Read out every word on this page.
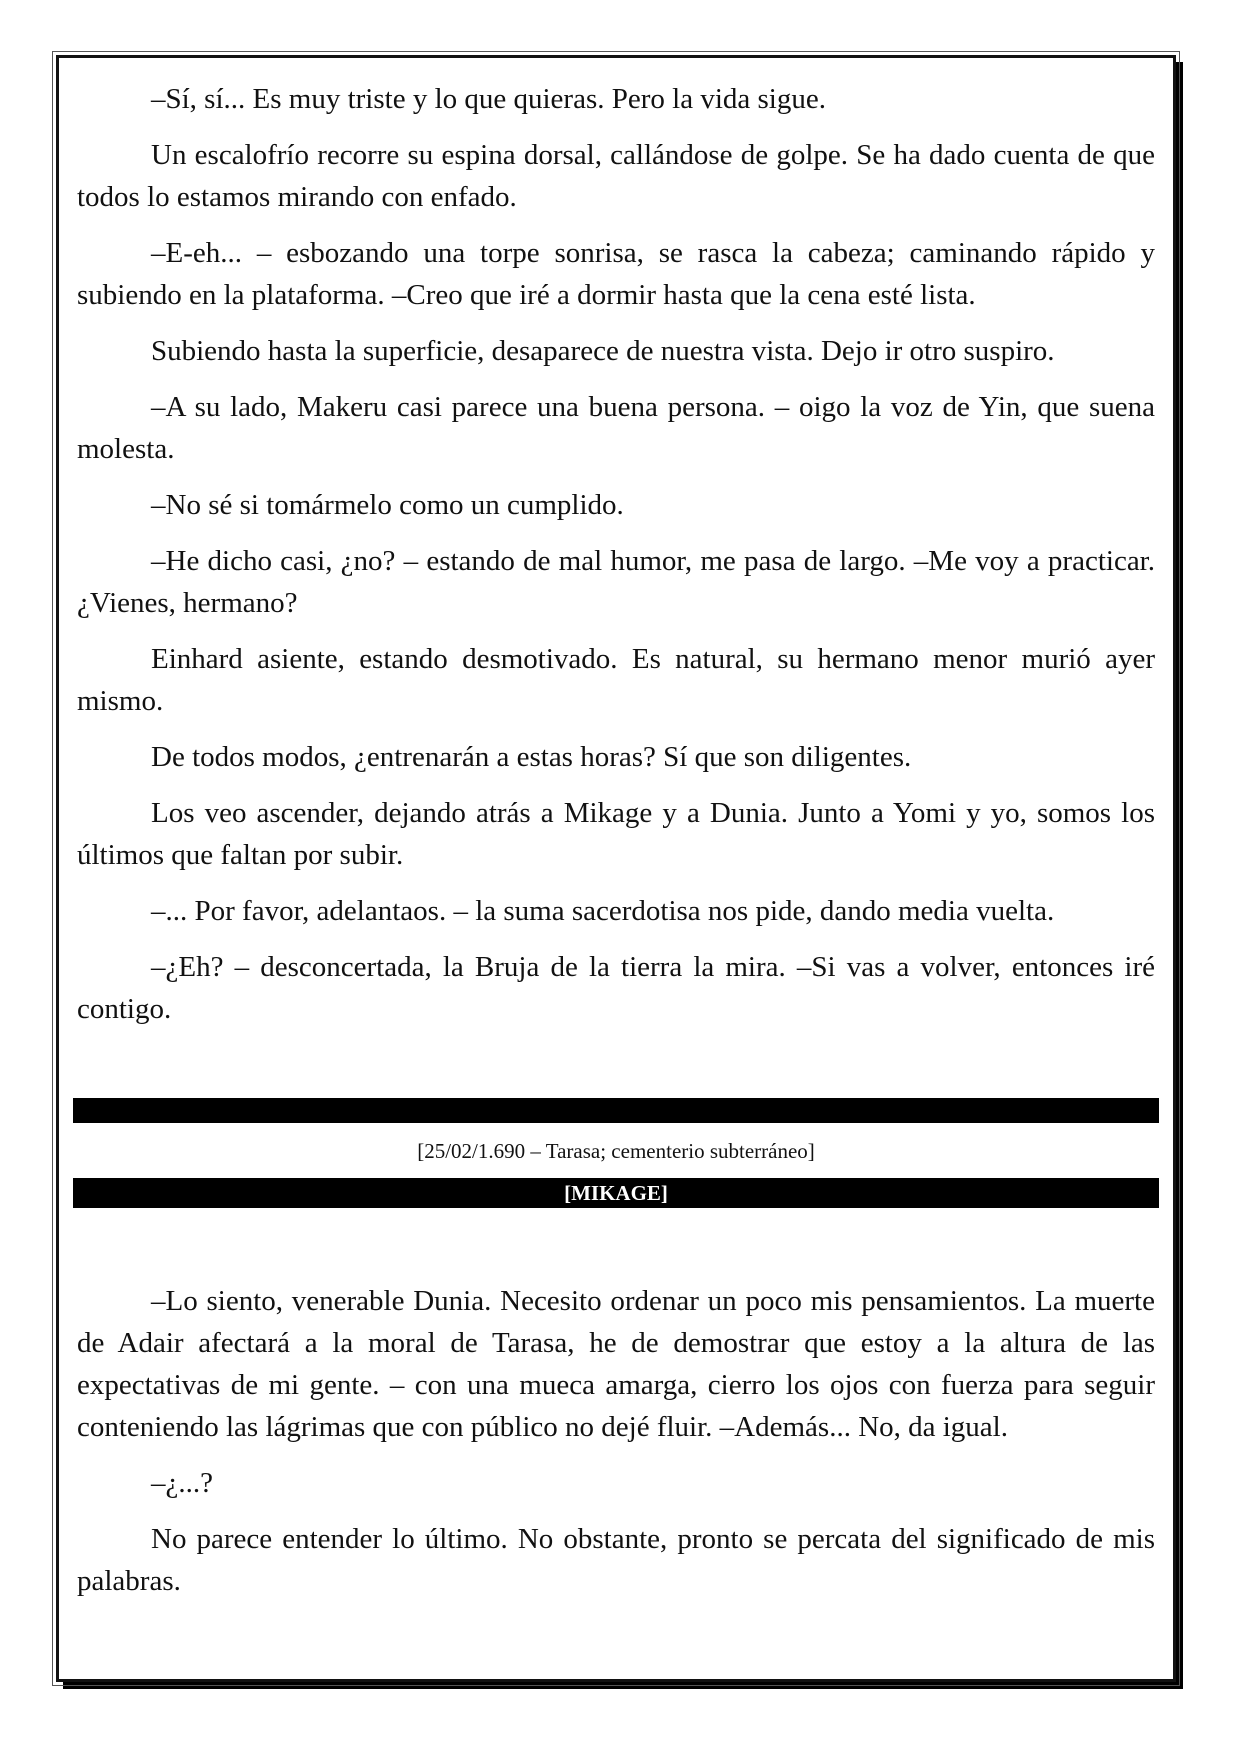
–Sí, sí... Es muy triste y lo que quieras. Pero la vida sigue.

Un escalofrío recorre su espina dorsal, callándose de golpe. Se ha dado cuenta de que todos lo estamos mirando con enfado.

–E-eh... – esbozando una torpe sonrisa, se rasca la cabeza; caminando rápido y subiendo en la plataforma. –Creo que iré a dormir hasta que la cena esté lista.

Subiendo hasta la superficie, desaparece de nuestra vista. Dejo ir otro suspiro.

–A su lado, Makeru casi parece una buena persona. – oigo la voz de Yin, que suena molesta.

–No sé si tomármelo como un cumplido.

–He dicho casi, ¿no? – estando de mal humor, me pasa de largo. –Me voy a practicar. ¿Vienes, hermano?

Einhard asiente, estando desmotivado. Es natural, su hermano menor murió ayer mismo.

De todos modos, ¿entrenarán a estas horas? Sí que son diligentes.

Los veo ascender, dejando atrás a Mikage y a Dunia. Junto a Yomi y yo, somos los últimos que faltan por subir.

–... Por favor, adelantaos. – la suma sacerdotisa nos pide, dando media vuelta.

–¿Eh? – desconcertada, la Bruja de la tierra la mira. –Si vas a volver, entonces iré contigo.

[25/02/1.690 – Tarasa; cementerio subterráneo]
[MIKAGE]

–Lo siento, venerable Dunia. Necesito ordenar un poco mis pensamientos. La muerte de Adair afectará a la moral de Tarasa, he de demostrar que estoy a la altura de las expectativas de mi gente. – con una mueca amarga, cierro los ojos con fuerza para seguir conteniendo las lágrimas que con público no dejé fluir. –Además... No, da igual.

–¿...?

No parece entender lo último. No obstante, pronto se percata del significado de mis palabras.
